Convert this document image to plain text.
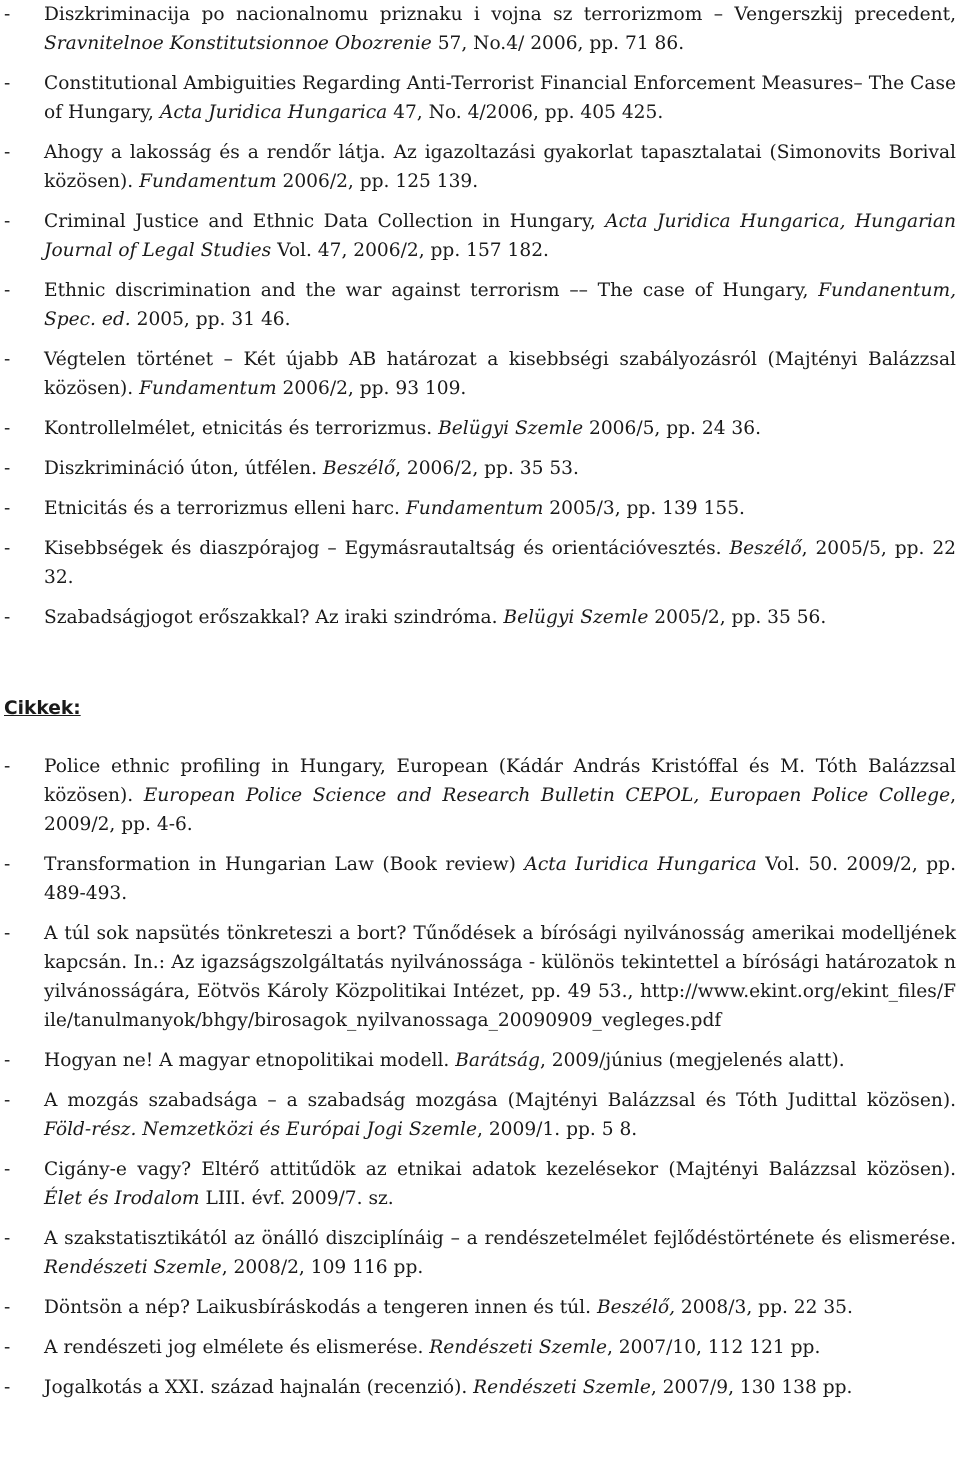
-	Diszkriminacija po nacionalnomu priznaku i vojna sz terrorizmom – Vengerszkij precedent, Sravnitelnoe Konstitutsionnoe Obozrenie 57, No.4/ 2006, pp. 71 86.
-	Constitutional Ambiguities Regarding Anti-Terrorist Financial Enforcement Measures– The Case of Hungary, Acta Juridica Hungarica 47, No. 4/2006, pp. 405 425.
-	Ahogy a lakosság és a rendőr látja. Az igazoltazási gyakorlat tapasztalatai (Simonovits Borival közösen). Fundamentum 2006/2, pp. 125 139.
-	Criminal Justice and Ethnic Data Collection in Hungary, Acta Juridica Hungarica, Hungarian Journal of Legal Studies Vol. 47, 2006/2, pp. 157 182.
-	Ethnic discrimination and the war against terrorism –– The case of Hungary, Fundanentum, Spec. ed. 2005, pp. 31 46.
-	Végtelen történet – Két újabb AB határozat a kisebbségi szabályozásról (Majtényi Balázzsal közösen). Fundamentum 2006/2, pp. 93 109.
-	Kontrollelmélet, etnicitás és terrorizmus. Belügyi Szemle 2006/5, pp. 24 36.
-	Diszkrimináció úton, útfélen. Beszélő, 2006/2, pp. 35 53.
-	Etnicitás és a terrorizmus elleni harc. Fundamentum 2005/3, pp. 139 155.
-	Kisebbségek és diaszpórajog – Egymásrautaltság és orientációvesztés. Beszélő, 2005/5, pp. 22 32.
-	Szabadságjogot erőszakkal? Az iraki szindróma. Belügyi Szemle 2005/2, pp. 35 56.
Cikkek:
-	Police ethnic profiling in Hungary, European (Kádár András Kristóffal és M. Tóth Balázzsal közösen). European Police Science and Research Bulletin CEPOL, Europaen Police College, 2009/2, pp. 4-6.
-	Transformation in Hungarian Law (Book review) Acta Iuridica Hungarica Vol. 50. 2009/2, pp. 489-493.
-	A túl sok napsütés tönkreteszi a bort? Tűnődések a bírósági nyilvánosság amerikai modelljének kapcsán. In.: Az igazságszolgáltatás nyilvánossága - különös tekintettel a bírósági határozatok nyilvánosságára, Eötvös Károly Közpolitikai Intézet, pp. 49 53., http://www.ekint.org/ekint_files/File/tanulmanyok/bhgy/birosagok_nyilvanossaga_20090909_vegleges.pdf
-	Hogyan ne! A magyar etnopolitikai modell. Barátság, 2009/június (megjelenés alatt).
-	A mozgás szabadsága – a szabadság mozgása (Majtényi Balázzsal és Tóth Judittal közösen). Föld-rész. Nemzetközi és Európai Jogi Szemle, 2009/1. pp. 5 8.
-	Cigány-e vagy? Eltérő attitűdök az etnikai adatok kezelésekor (Majtényi Balázzsal közösen). Élet és Irodalom LIII. évf. 2009/7. sz.
-	A szakstatisztikától az önálló diszciplínáig – a rendészetelmélet fejlődéstörténete és elismerése. Rendészeti Szemle, 2008/2, 109 116 pp.
-	Döntsön a nép? Laikusbíráskodás a tengeren innen és túl. Beszélő, 2008/3, pp. 22 35.
-	A rendészeti jog elmélete és elismerése. Rendészeti Szemle, 2007/10, 112 121 pp.
-	Jogalkotás a XXI. század hajnalán (recenzió). Rendészeti Szemle, 2007/9, 130 138 pp.
